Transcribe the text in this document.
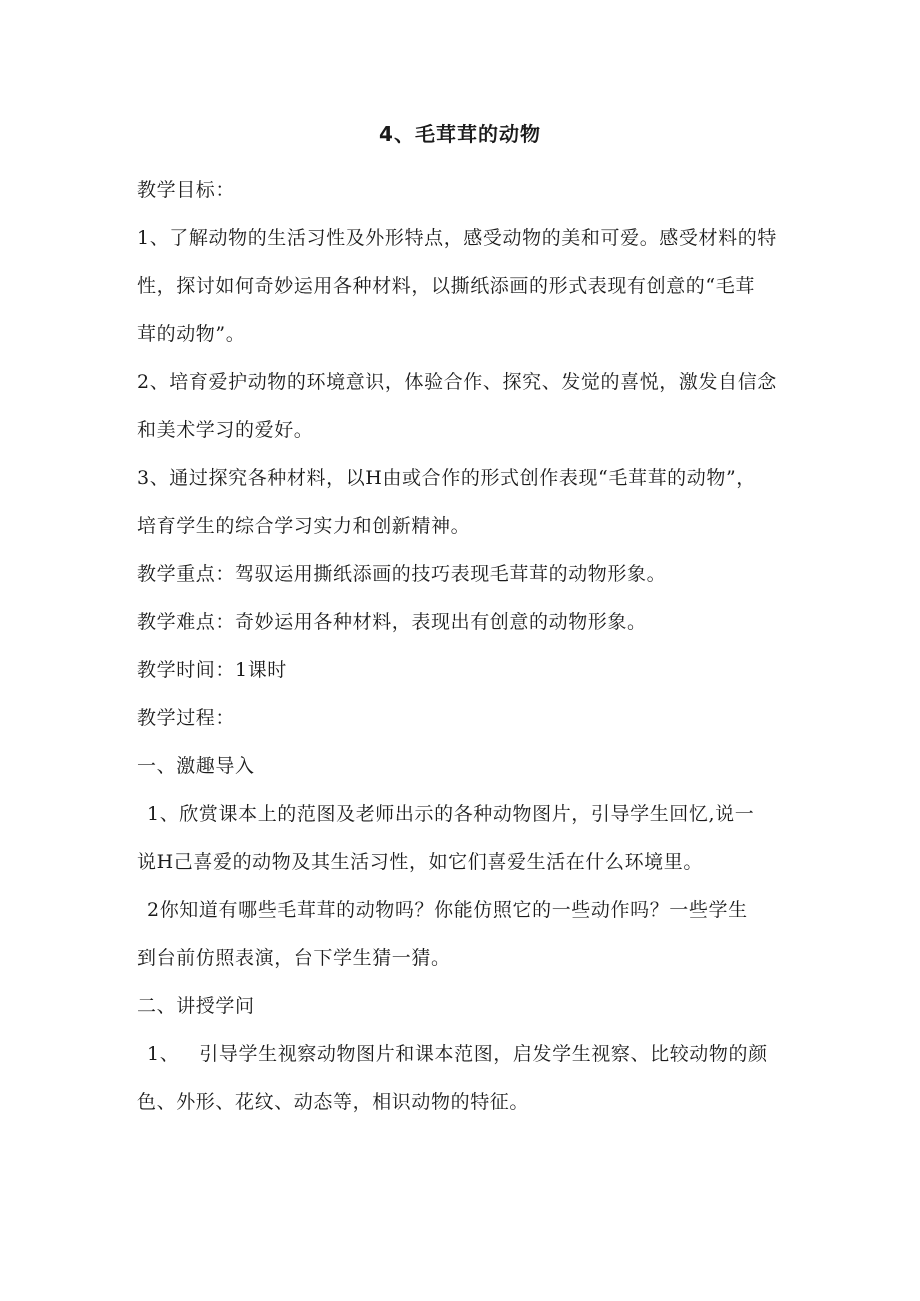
4、毛茸茸的动物
教学目标：
1、了解动物的生活习性及外形特点，感受动物的美和可爱。感受材料的特
性，探讨如何奇妙运用各种材料，以撕纸添画的形式表现有创意的“毛茸
茸的动物”。
2、培育爱护动物的环境意识，体验合作、探究、发觉的喜悦，激发自信念
和美术学习的爱好。
3、通过探究各种材料，以H由或合作的形式创作表现“毛茸茸的动物”，
培育学生的综合学习实力和创新精神。
教学重点：驾驭运用撕纸添画的技巧表现毛茸茸的动物形象。
教学难点：奇妙运用各种材料，表现出有创意的动物形象。
教学时间：1课时
教学过程：
一、激趣导入
1、欣赏课本上的范图及老师出示的各种动物图片，引导学生回忆,说一
说H己喜爱的动物及其生活习性，如它们喜爱生活在什么环境里。
2你知道有哪些毛茸茸的动物吗？你能仿照它的一些动作吗？一些学生
到台前仿照表演，台下学生猜一猜。
二、讲授学问
1、 引导学生视察动物图片和课本范图，启发学生视察、比较动物的颜
色、外形、花纹、动态等，相识动物的特征。
